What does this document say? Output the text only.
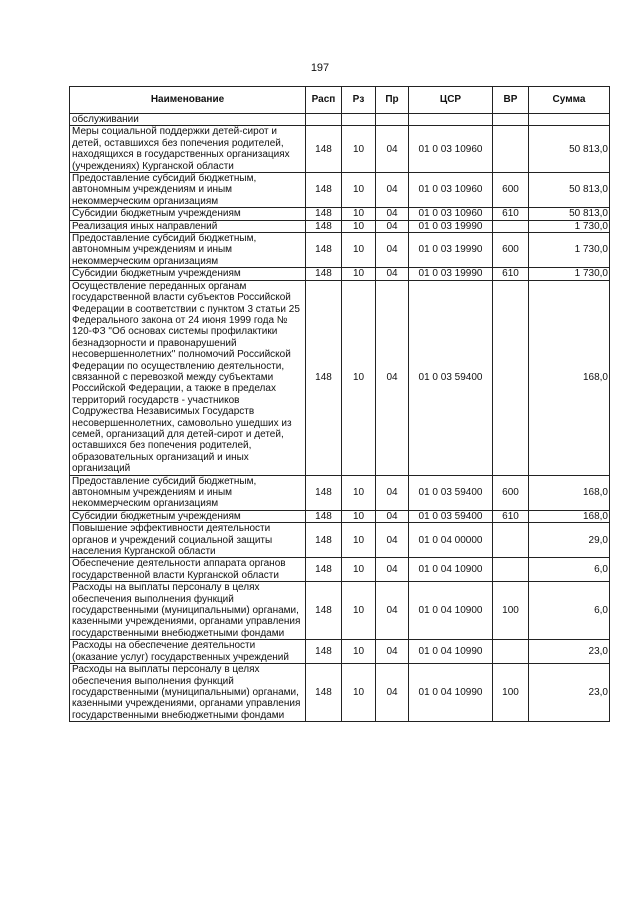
197
Наименование	Расп	Рз	Пр	ЦСР	ВР	Сумма
обслуживании						
Меры социальной поддержки детей-сирот и детей, оставшихся без попечения родителей, находящихся в государственных организациях (учреждениях) Курганской области	148	10	04	01 0 03 10960		50 813,0
Предоставление субсидий бюджетным, автономным учреждениям и иным некоммерческим организациям	148	10	04	01 0 03 10960	600	50 813,0
Субсидии бюджетным учреждениям	148	10	04	01 0 03 10960	610	50 813,0
Реализация иных направлений	148	10	04	01 0 03 19990		1 730,0
Предоставление субсидий бюджетным, автономным учреждениям и иным некоммерческим организациям	148	10	04	01 0 03 19990	600	1 730,0
Субсидии бюджетным учреждениям	148	10	04	01 0 03 19990	610	1 730,0
Осуществление переданных органам государственной власти субъектов Российской Федерации в соответствии с пунктом 3 статьи 25 Федерального закона от 24 июня 1999 года № 120-ФЗ "Об основах системы профилактики безнадзорности и правонарушений несовершеннолетних" полномочий Российской Федерации по осуществлению деятельности, связанной с перевозкой между субъектами Российской Федерации, а также в пределах территорий государств - участников Содружества Независимых Государств несовершеннолетних, самовольно ушедших из семей, организаций для детей-сирот и детей, оставшихся без попечения родителей, образовательных организаций и иных организаций	148	10	04	01 0 03 59400		168,0
Предоставление субсидий бюджетным, автономным учреждениям и иным некоммерческим организациям	148	10	04	01 0 03 59400	600	168,0
Субсидии бюджетным учреждениям	148	10	04	01 0 03 59400	610	168,0
Повышение эффективности деятельности органов и учреждений социальной защиты населения Курганской области	148	10	04	01 0 04 00000		29,0
Обеспечение деятельности аппарата органов государственной власти Курганской области	148	10	04	01 0 04 10900		6,0
Расходы на выплаты персоналу в целях обеспечения выполнения функций государственными (муниципальными) органами, казенными учреждениями, органами управления государственными внебюджетными фондами	148	10	04	01 0 04 10900	100	6,0
Расходы на обеспечение деятельности (оказание услуг) государственных учреждений	148	10	04	01 0 04 10990		23,0
Расходы на выплаты персоналу в целях обеспечения выполнения функций государственными (муниципальными) органами, казенными учреждениями, органами управления государственными внебюджетными фондами	148	10	04	01 0 04 10990	100	23,0
